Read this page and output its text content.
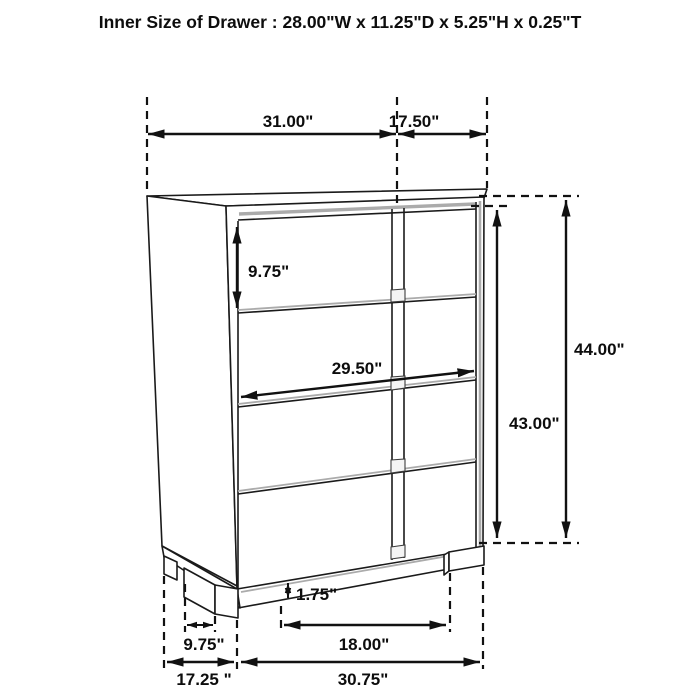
Inner Size of Drawer : 28.00"W x 11.25"D x 5.25"H x 0.25"T
31.00"	17.50"
9.75"
29.50"
44.00"
43.00"
1.75"
9.75"	18.00"
17.25 "	30.75"
